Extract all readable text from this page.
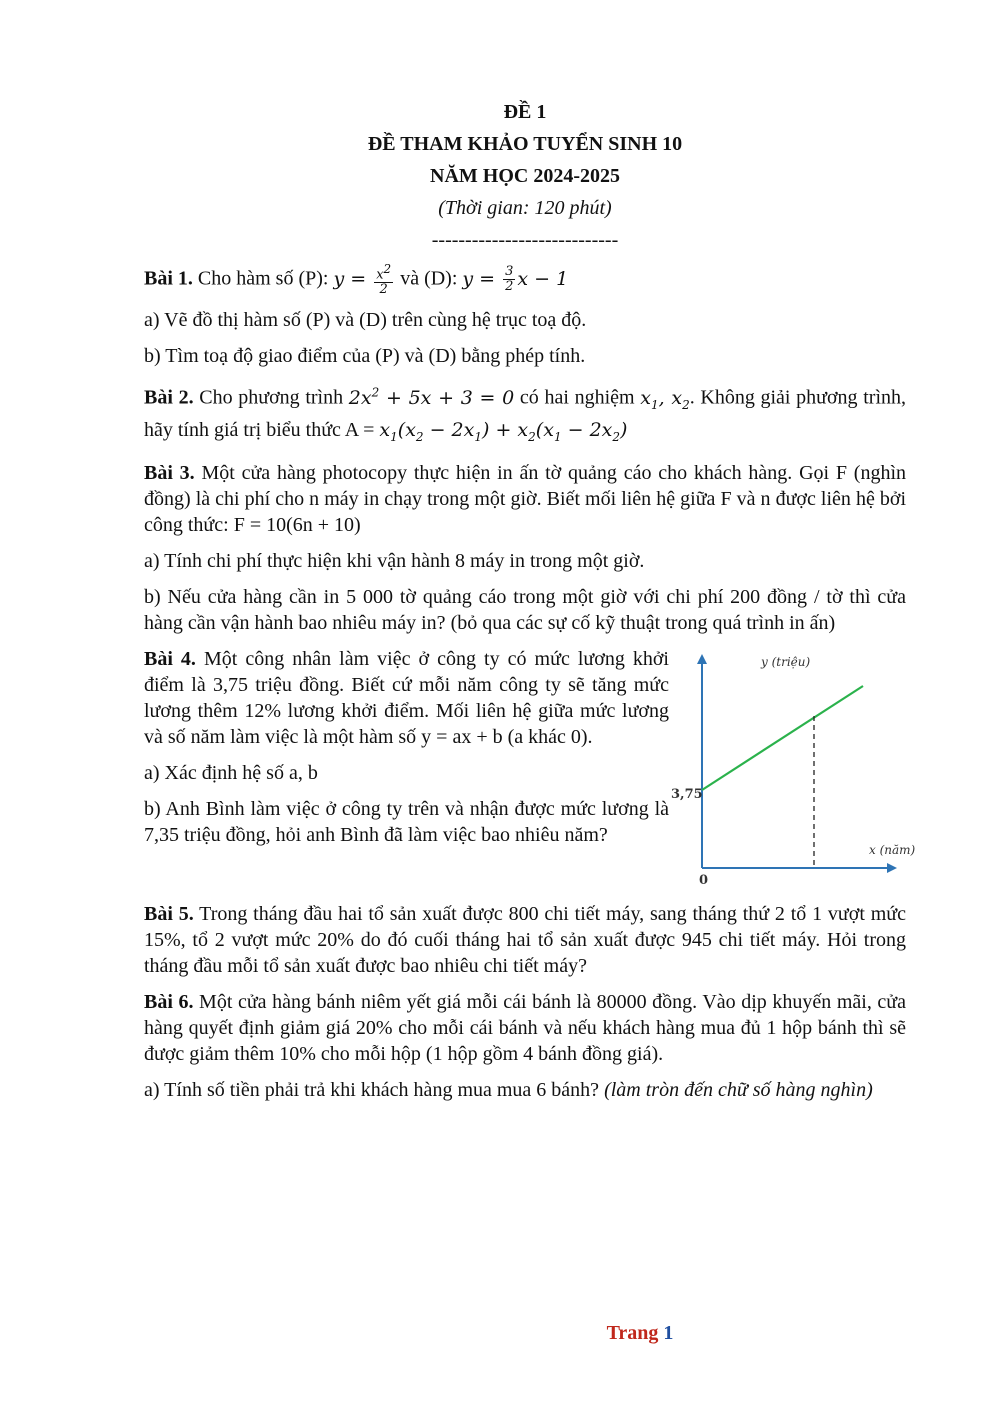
ĐỀ 1

ĐỀ THAM KHẢO TUYỂN SINH 10

NĂM HỌC 2024-2025

(Thời gian: 120 phút)

----------------------------

Bài 1. Cho hàm số (P): $y = \frac{x^2}{2}$ và (D): $y = \frac{3}{2}$ x − 1

a) Vẽ đồ thị hàm số (P) và (D) trên cùng hệ trục toạ độ.

b) Tìm toạ độ giao điểm của (P) và (D) bằng phép tính.

Bài 2. Cho phương trình $2x^2 + 5x + 3 = 0$ có hai nghiệm $x_1$, $x_2$. Không giải phương trình, hãy tính giá trị biểu thức $A = x_1(x_2 - 2x_1) + x_2(x_1 - 2x_2)$

Bài 3. Một cửa hàng photocopy thực hiện in ấn tờ quảng cáo cho khách hàng. Gọi F (nghìn đồng) là chi phí cho n máy in chạy trong một giờ. Biết mối liên hệ giữa F và n được liên hệ bởi công thức: F = 10(6n + 10)

a) Tính chi phí thực hiện khi vận hành 8 máy in trong một giờ.

b) Nếu cửa hàng cần in 5 000 tờ quảng cáo trong một giờ với chi phí 200 đồng / tờ thì cửa hàng cần vận hành bao nhiêu máy in? (bỏ qua các sự cố kỹ thuật trong quá trình in ấn)

Bài 4. Một công nhân làm việc ở công ty có mức lương khởi điểm là 3,75 triệu đồng. Biết cứ mỗi năm công ty sẽ tăng mức lương thêm 12% lương khởi điểm. Mối liên hệ giữa mức lương và số năm làm việc là một hàm số y = ax + b (a khác 0).

a) Xác định hệ số a, b

b) Anh Bình làm việc ở công ty trên và nhận được mức lương là 7,35 triệu đồng, hỏi anh Bình đã làm việc bao nhiêu năm?

y (triệu)
3,75
x (năm)
0

Bài 5. Trong tháng đầu hai tổ sản xuất được 800 chi tiết máy, sang tháng thứ 2 tổ 1 vượt mức 15%, tổ 2 vượt mức 20% do đó cuối tháng hai tổ sản xuất được 945 chi tiết máy. Hỏi trong tháng đầu mỗi tổ sản xuất được bao nhiêu chi tiết máy?

Bài 6. Một cửa hàng bánh niêm yết giá mỗi cái bánh là 80000 đồng. Vào dịp khuyến mãi, cửa hàng quyết định giảm giá 20% cho mỗi cái bánh và nếu khách hàng mua đủ 1 hộp bánh thì sẽ được giảm thêm 10% cho mỗi hộp (1 hộp gồm 4 bánh đồng giá).

a) Tính số tiền phải trả khi khách hàng mua mua 6 bánh? (làm tròn đến chữ số hàng nghìn)

Trang 1
